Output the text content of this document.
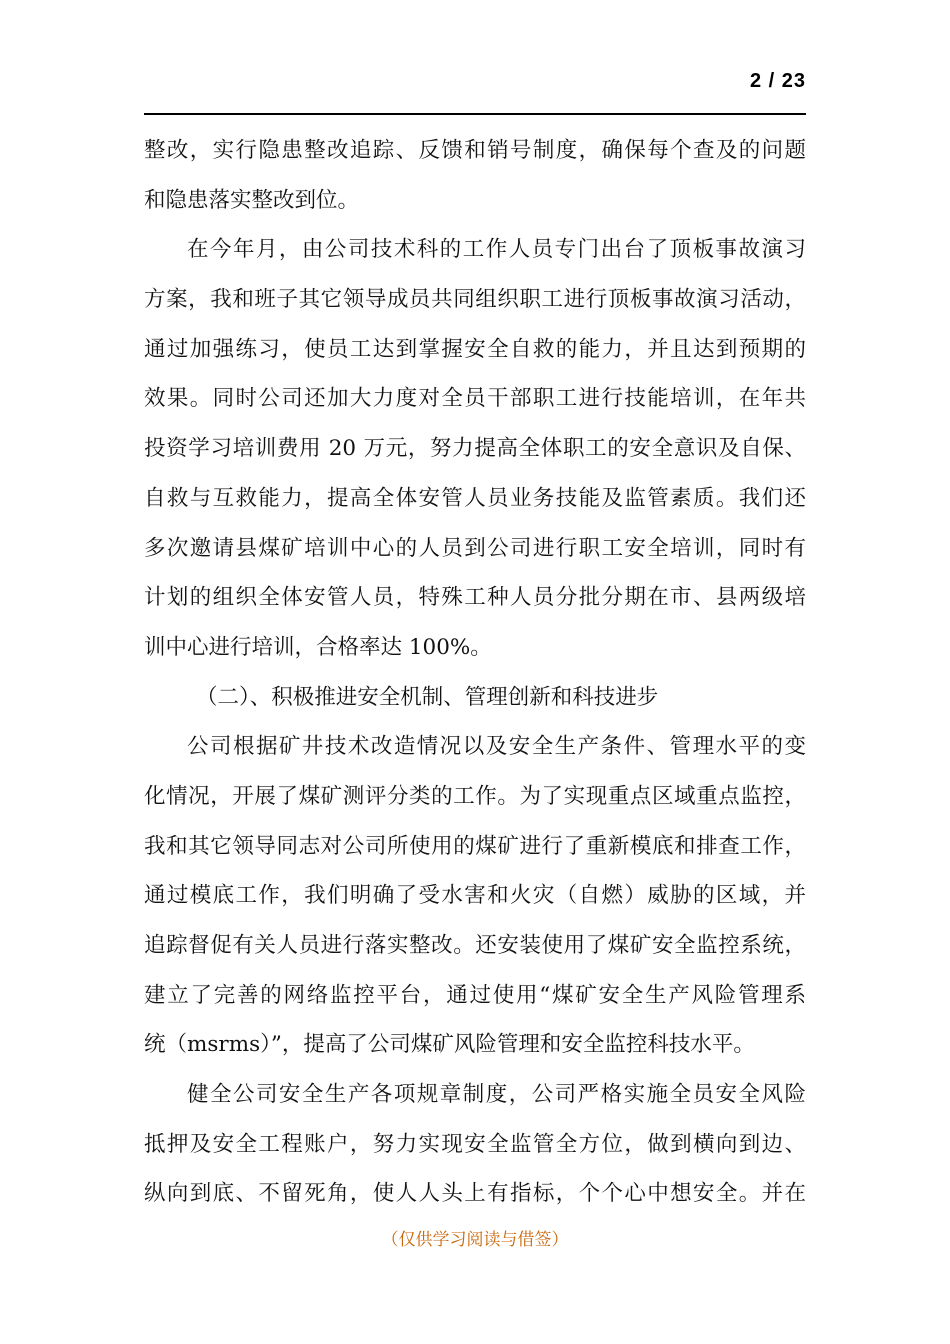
2 / 23
整改，实行隐患整改追踪、反馈和销号制度，确保每个查及的问题
和隐患落实整改到位。
在今年月，由公司技术科的工作人员专门出台了顶板事故演习
方案，我和班子其它领导成员共同组织职工进行顶板事故演习活动，
通过加强练习，使员工达到掌握安全自救的能力，并且达到预期的
效果。同时公司还加大力度对全员干部职工进行技能培训，在年共
投资学习培训费用 20 万元，努力提高全体职工的安全意识及自保、
自救与互救能力，提高全体安管人员业务技能及监管素质。我们还
多次邀请县煤矿培训中心的人员到公司进行职工安全培训，同时有
计划的组织全体安管人员，特殊工种人员分批分期在市、县两级培
训中心进行培训，合格率达 100%。
（二）、积极推进安全机制、管理创新和科技进步
公司根据矿井技术改造情况以及安全生产条件、管理水平的变
化情况，开展了煤矿测评分类的工作。为了实现重点区域重点监控，
我和其它领导同志对公司所使用的煤矿进行了重新模底和排查工作，
通过模底工作，我们明确了受水害和火灾（自燃）威胁的区域，并
追踪督促有关人员进行落实整改。还安装使用了煤矿安全监控系统，
建立了完善的网络监控平台，通过使用“煤矿安全生产风险管理系
统（msrms）”，提高了公司煤矿风险管理和安全监控科技水平。
健全公司安全生产各项规章制度，公司严格实施全员安全风险
抵押及安全工程账户，努力实现安全监管全方位，做到横向到边、
纵向到底、不留死角，使人人头上有指标，个个心中想安全。并在
（仅供学习阅读与借签）
